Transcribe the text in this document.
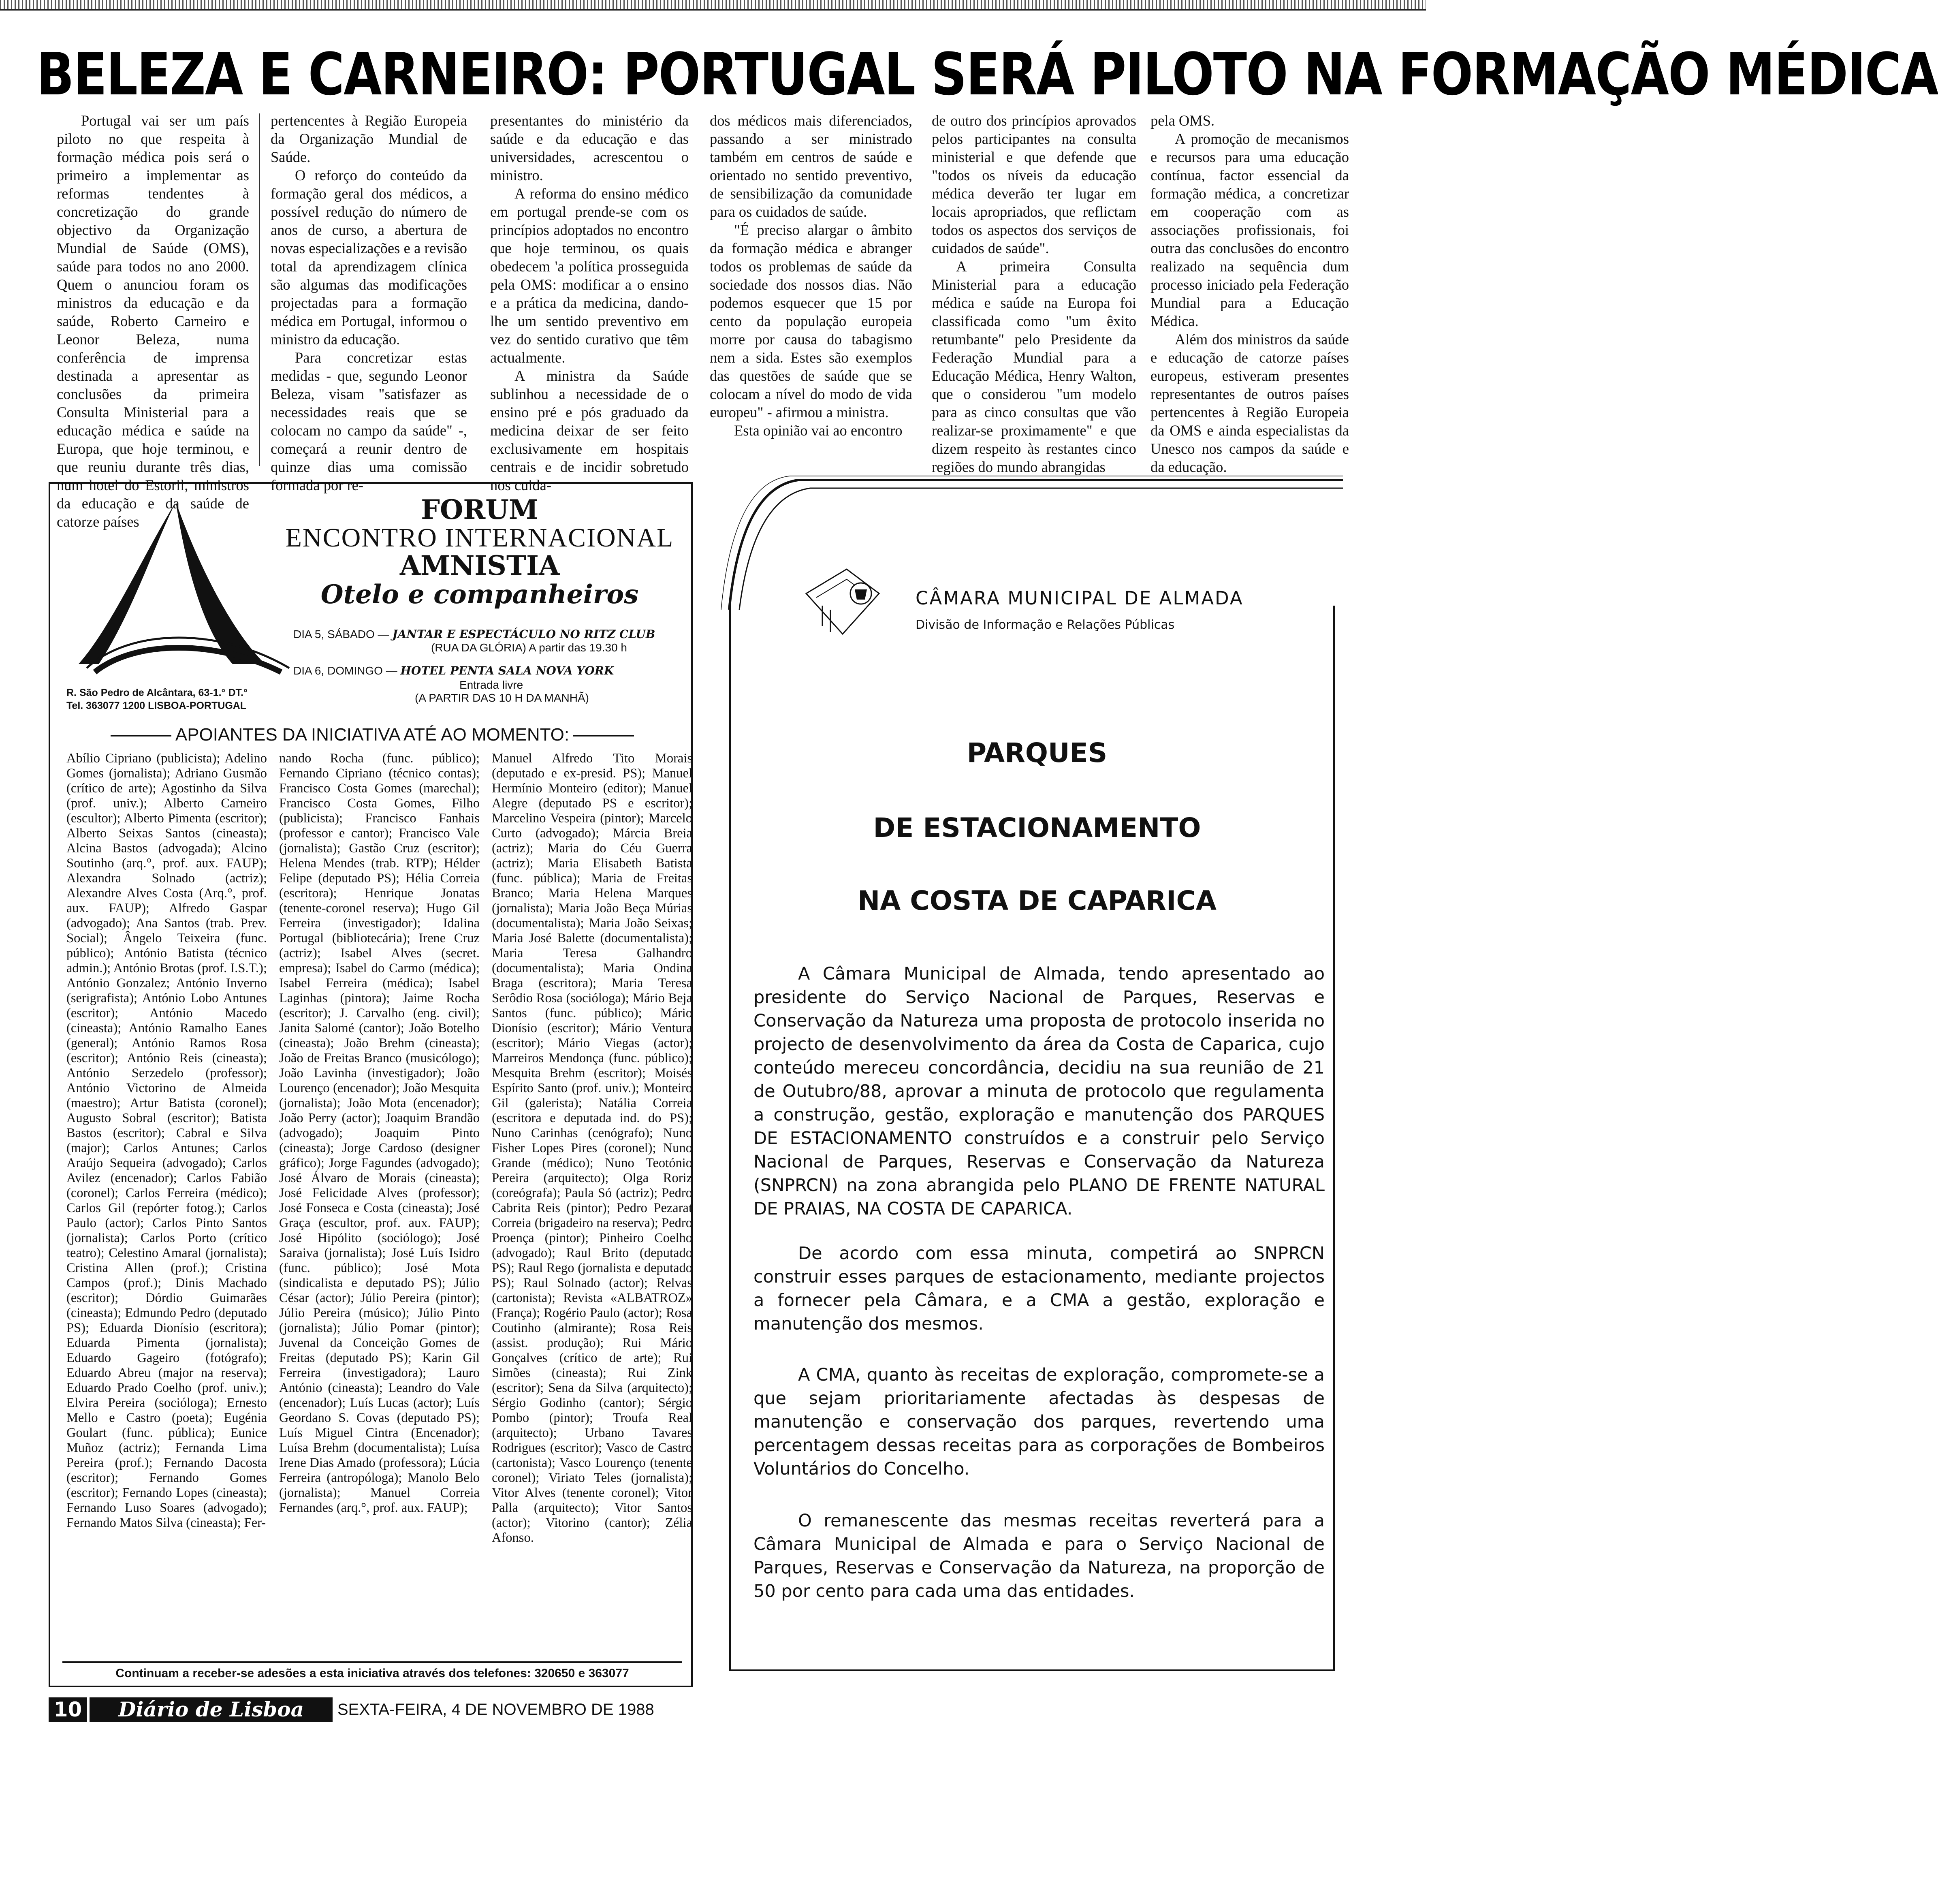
BELEZA E CARNEIRO: PORTUGAL SERÁ PILOTO NA FORMAÇÃO MÉDICA

Portugal vai ser um país piloto no que respeita à formação médica pois será o primeiro a implementar as reformas tendentes à concretização do grande objectivo da Organização Mundial de Saúde (OMS), saúde para todos no ano 2000. Quem o anunciou foram os ministros da educação e da saúde, Roberto Carneiro e Leonor Beleza, numa conferência de imprensa destinada a apresentar as conclusões da primeira Consulta Ministerial para a educação médica e saúde na Europa, que hoje terminou, e que reuniu durante três dias, num hotel do Estoril, ministros da educação e da saúde de catorze países

pertencentes à Região Europeia da Organização Mundial de Saúde.

O reforço do conteúdo da formação geral dos médicos, a possível redução do número de anos de curso, a abertura de novas especializações e a revisão total da aprendizagem clínica são algumas das modificações projectadas para a formação médica em Portugal, informou o ministro da educação.

Para concretizar estas medidas - que, segundo Leonor Beleza, visam "satisfazer as necessidades reais que se colocam no campo da saúde" -, começará a reunir dentro de quinze dias uma comissão formada por re-

presentantes do ministério da saúde e da educação e das universidades, acrescentou o ministro.

A reforma do ensino médico em portugal prende-se com os princípios adoptados no encontro que hoje terminou, os quais obedecem 'a política prosseguida pela OMS: modificar a o ensino e a prática da medicina, dando-lhe um sentido preventivo em vez do sentido curativo que têm actualmente.

A ministra da Saúde sublinhou a necessidade de o ensino pré e pós graduado da medicina deixar de ser feito exclusivamente em hospitais centrais e de incidir sobretudo nos cuida-

dos médicos mais diferenciados, passando a ser ministrado também em centros de saúde e orientado no sentido preventivo, de sensibilização da comunidade para os cuidados de saúde.

"É preciso alargar o âmbito da formação médica e abranger todos os problemas de saúde da sociedade dos nossos dias. Não podemos esquecer que 15 por cento da população europeia morre por causa do tabagismo nem a sida. Estes são exemplos das questões de saúde que se colocam a nível do modo de vida europeu" - afirmou a ministra.

Esta opinião vai ao encontro

de outro dos princípios aprovados pelos participantes na consulta ministerial e que defende que "todos os níveis da educação médica deverão ter lugar em locais apropriados, que reflictam todos os aspectos dos serviços de cuidados de saúde".

A primeira Consulta Ministerial para a educação médica e saúde na Europa foi classificada como "um êxito retumbante" pelo Presidente da Federação Mundial para a Educação Médica, Henry Walton, que o considerou "um modelo para as cinco consultas que vão realizar-se proximamente" e que dizem respeito às restantes cinco regiões do mundo abrangidas

pela OMS.

A promoção de mecanismos e recursos para uma educação contínua, factor essencial da formação médica, a concretizar em cooperação com as associações profissionais, foi outra das conclusões do encontro realizado na sequência dum processo iniciado pela Federação Mundial para a Educação Médica.

Além dos ministros da saúde e educação de catorze países europeus, estiveram presentes representantes de outros países pertencentes à Região Europeia da OMS e ainda especialistas da Unesco nos campos da saúde e da educação.

R. São Pedro de Alcântara, 63-1.° DT.°
Tel. 363077 1200 LISBOA-PORTUGAL
FORUM
ENCONTRO INTERNACIONAL
AMNISTIA
Otelo e companheiros
DIA 5, SÁBADO — JANTAR E ESPECTÁCULO NO RITZ CLUB
(RUA DA GLÓRIA) A partir das 19.30 h
DIA 6, DOMINGO — HOTEL PENTA SALA NOVA YORK
Entrada livre
(A PARTIR DAS 10 H DA MANHÃ)
APOIANTES DA INICIATIVA ATÉ AO MOMENTO:
Abílio Cipriano (publicista); Adelino Gomes (jornalista); Adriano Gusmão (crítico de arte); Agostinho da Silva (prof. univ.); Alberto Carneiro (escultor); Alberto Pimenta (escritor); Alberto Seixas Santos (cineasta); Alcina Bastos (advogada); Alcino Soutinho (arq.°, prof. aux. FAUP); Alexandra Solnado (actriz); Alexandre Alves Costa (Arq.°, prof. aux. FAUP); Alfredo Gaspar (advogado); Ana Santos (trab. Prev. Social); Ângelo Teixeira (func. público); António Batista (técnico admin.); António Brotas (prof. I.S.T.); António Gonzalez; António Inverno (serigrafista); António Lobo Antunes (escritor); António Macedo (cineasta); António Ramalho Eanes (general); António Ramos Rosa (escritor); António Reis (cineasta); António Serzedelo (professor); António Victorino de Almeida (maestro); Artur Batista (coronel); Augusto Sobral (escritor); Batista Bastos (escritor); Cabral e Silva (major); Carlos Antunes; Carlos Araújo Sequeira (advogado); Carlos Avilez (encenador); Carlos Fabião (coronel); Carlos Ferreira (médico); Carlos Gil (repórter fotog.); Carlos Paulo (actor); Carlos Pinto Santos (jornalista); Carlos Porto (crítico teatro); Celestino Amaral (jornalista); Cristina Allen (prof.); Cristina Campos (prof.); Dinis Machado (escritor); Dórdio Guimarães (cineasta); Edmundo Pedro (deputado PS); Eduarda Dionísio (escritora); Eduarda Pimenta (jornalista); Eduardo Gageiro (fotógrafo); Eduardo Abreu (major na reserva); Eduardo Prado Coelho (prof. univ.); Elvira Pereira (socióloga); Ernesto Mello e Castro (poeta); Eugénia Goulart (func. pública); Eunice Muñoz (actriz); Fernanda Lima Pereira (prof.); Fernando Dacosta (escritor); Fernando Gomes (escritor); Fernando Lopes (cineasta); Fernando Luso Soares (advogado); Fernando Matos Silva (cineasta); Fer-
nando Rocha (func. público); Fernando Cipriano (técnico contas); Francisco Costa Gomes (marechal); Francisco Costa Gomes, Filho (publicista); Francisco Fanhais (professor e cantor); Francisco Vale (jornalista); Gastão Cruz (escritor); Helena Mendes (trab. RTP); Hélder Felipe (deputado PS); Hélia Correia (escritora); Henrique Jonatas (tenente-coronel reserva); Hugo Gil Ferreira (investigador); Idalina Portugal (bibliotecária); Irene Cruz (actriz); Isabel Alves (secret. empresa); Isabel do Carmo (médica); Isabel Ferreira (médica); Isabel Laginhas (pintora); Jaime Rocha (escritor); J. Carvalho (eng. civil); Janita Salomé (cantor); João Botelho (cineasta); João Brehm (cineasta); João de Freitas Branco (musicólogo); João Lavinha (investigador); João Lourenço (encenador); João Mesquita (jornalista); João Mota (encenador); João Perry (actor); Joaquim Brandão (advogado); Joaquim Pinto (cineasta); Jorge Cardoso (designer gráfico); Jorge Fagundes (advogado); José Álvaro de Morais (cineasta); José Felicidade Alves (professor); José Fonseca e Costa (cineasta); José Graça (escultor, prof. aux. FAUP); José Hipólito (sociólogo); José Saraiva (jornalista); José Luís Isidro (func. público); José Mota (sindicalista e deputado PS); Júlio César (actor); Júlio Pereira (pintor); Júlio Pereira (músico); Júlio Pinto (jornalista); Júlio Pomar (pintor); Juvenal da Conceição Gomes de Freitas (deputado PS); Karin Gil Ferreira (investigadora); Lauro António (cineasta); Leandro do Vale (encenador); Luís Lucas (actor); Luís Geordano S. Covas (deputado PS); Luís Miguel Cintra (Encenador); Luísa Brehm (documentalista); Luísa Irene Dias Amado (professora); Lúcia Ferreira (antropóloga); Manolo Belo (jornalista); Manuel Correia Fernandes (arq.°, prof. aux. FAUP);
Manuel Alfredo Tito Morais (deputado e ex-presid. PS); Manuel Hermínio Monteiro (editor); Manuel Alegre (deputado PS e escritor); Marcelino Vespeira (pintor); Marcelo Curto (advogado); Márcia Breia (actriz); Maria do Céu Guerra (actriz); Maria Elisabeth Batista (func. pública); Maria de Freitas Branco; Maria Helena Marques (jornalista); Maria João Beça Múrias (documentalista); Maria João Seixas; Maria José Balette (documentalista); Maria Teresa Galhandro (documentalista); Maria Ondina Braga (escritora); Maria Teresa Serôdio Rosa (socióloga); Mário Beja Santos (func. público); Mário Dionísio (escritor); Mário Ventura (escritor); Mário Viegas (actor); Marreiros Mendonça (func. público); Mesquita Brehm (escritor); Moisés Espírito Santo (prof. univ.); Monteiro Gil (galerista); Natália Correia (escritora e deputada ind. do PS); Nuno Carinhas (cenógrafo); Nuno Fisher Lopes Pires (coronel); Nuno Grande (médico); Nuno Teotónio Pereira (arquitecto); Olga Roriz (coreógrafa); Paula Só (actriz); Pedro Cabrita Reis (pintor); Pedro Pezarat Correia (brigadeiro na reserva); Pedro Proença (pintor); Pinheiro Coelho (advogado); Raul Brito (deputado PS); Raul Rego (jornalista e deputado PS); Raul Solnado (actor); Relvas (cartonista); Revista «ALBATROZ» (França); Rogério Paulo (actor); Rosa Coutinho (almirante); Rosa Reis (assist. produção); Rui Mário Gonçalves (crítico de arte); Rui Simões (cineasta); Rui Zink (escritor); Sena da Silva (arquitecto); Sérgio Godinho (cantor); Sérgio Pombo (pintor); Troufa Real (arquitecto); Urbano Tavares Rodrigues (escritor); Vasco de Castro (cartonista); Vasco Lourenço (tenente coronel); Viriato Teles (jornalista); Vitor Alves (tenente coronel); Vitor Palla (arquitecto); Vitor Santos (actor); Vitorino (cantor); Zélia Afonso.
Continuam a receber-se adesões a esta iniciativa através dos telefones: 320650 e 363077
CÂMARA MUNICIPAL DE ALMADA
Divisão de Informação e Relações Públicas
PARQUES
DE ESTACIONAMENTO
NA COSTA DE CAPARICA

A Câmara Municipal de Almada, tendo apresentado ao presidente do Serviço Nacional de Parques, Reservas e Conservação da Natureza uma proposta de protocolo inserida no projecto de desenvolvimento da área da Costa de Caparica, cujo conteúdo mereceu concordância, decidiu na sua reunião de 21 de Outubro/88, aprovar a minuta de protocolo que regulamenta a construção, gestão, exploração e manutenção dos PARQUES DE ESTACIONAMENTO construídos e a construir pelo Serviço Nacional de Parques, Reservas e Conservação da Natureza (SNPRCN) na zona abrangida pelo PLANO DE FRENTE NATURAL DE PRAIAS, NA COSTA DE CAPARICA.

De acordo com essa minuta, competirá ao SNPRCN construir esses parques de estacionamento, mediante projectos a fornecer pela Câmara, e a CMA a gestão, exploração e manutenção dos mesmos.

A CMA, quanto às receitas de exploração, compromete-se a que sejam prioritariamente afectadas às despesas de manutenção e conservação dos parques, revertendo uma percentagem dessas receitas para as corporações de Bombeiros Voluntários do Concelho.

O remanescente das mesmas receitas reverterá para a Câmara Municipal de Almada e para o Serviço Nacional de Parques, Reservas e Conservação da Natureza, na proporção de 50 por cento para cada uma das entidades.

10 Diário de Lisboa SEXTA-FEIRA, 4 DE NOVEMBRO DE 1988
